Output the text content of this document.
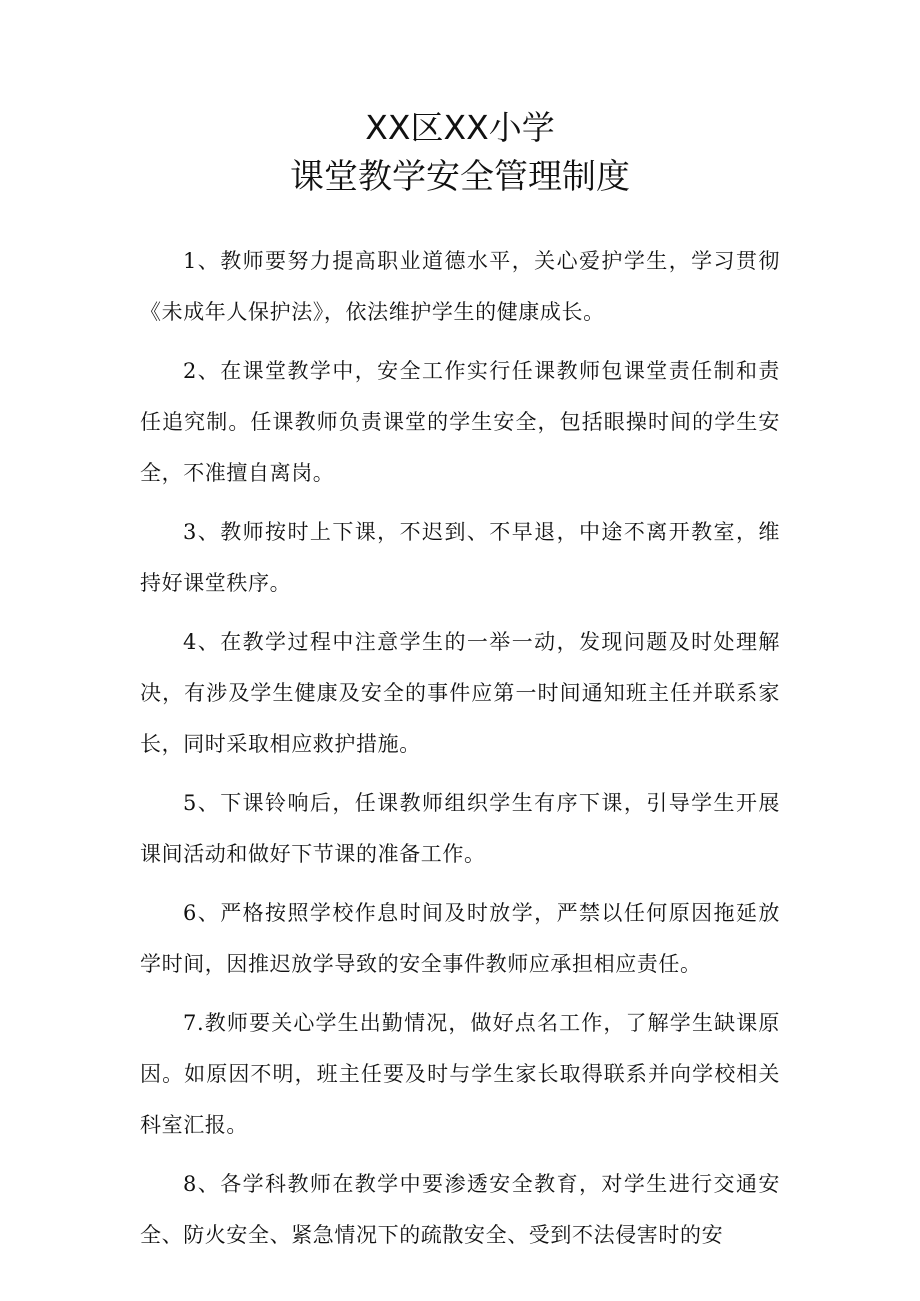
XX区XX小学
课堂教学安全管理制度

1、教师要努力提高职业道德水平，关心爱护学生，学习贯彻《未成年人保护法》，依法维护学生的健康成长。

2、在课堂教学中，安全工作实行任课教师包课堂责任制和责任追究制。任课教师负责课堂的学生安全，包括眼操时间的学生安全，不准擅自离岗。

3、教师按时上下课，不迟到、不早退，中途不离开教室，维持好课堂秩序。

4、在教学过程中注意学生的一举一动，发现问题及时处理解决，有涉及学生健康及安全的事件应第一时间通知班主任并联系家长，同时采取相应救护措施。

5、下课铃响后，任课教师组织学生有序下课，引导学生开展课间活动和做好下节课的准备工作。

6、严格按照学校作息时间及时放学，严禁以任何原因拖延放学时间，因推迟放学导致的安全事件教师应承担相应责任。

7.教师要关心学生出勤情况，做好点名工作，了解学生缺课原因。如原因不明，班主任要及时与学生家长取得联系并向学校相关科室汇报。

8、各学科教师在教学中要渗透安全教育，对学生进行交通安全、防火安全、紧急情况下的疏散安全、受到不法侵害时的安
